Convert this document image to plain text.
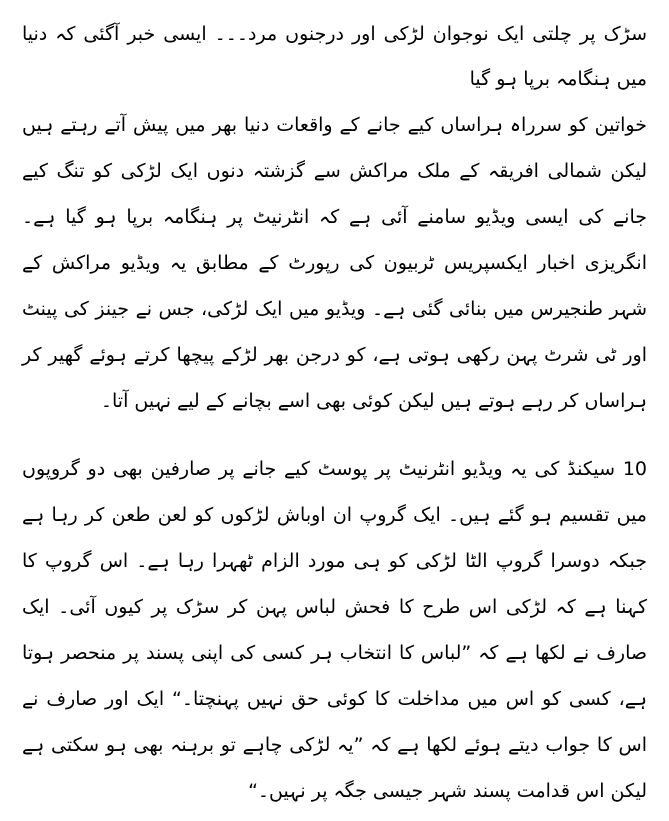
سڑک پر چلتی ایک نوجوان لڑکی اور درجنوں مرد۔۔۔ ایسی خبر آگئی کہ دنیا میں ہنگامہ برپا ہو گیا

خواتین کو سرراہ ہراساں کیے جانے کے واقعات دنیا بھر میں پیش آتے رہتے ہیں لیکن شمالی افریقہ کے ملک مراکش سے گزشتہ دنوں ایک لڑکی کو تنگ کیے جانے کی ایسی ویڈیو سامنے آئی ہے کہ انٹرنیٹ پر ہنگامہ برپا ہو گیا ہے۔ انگریزی اخبار ایکسپریس ٹربیون کی رپورٹ کے مطابق یہ ویڈیو مراکش کے شہر طنجیرس میں بنائی گئی ہے۔ ویڈیو میں ایک لڑکی، جس نے جینز کی پینٹ اور ٹی شرٹ پہن رکھی ہوتی ہے، کو درجن بھر لڑکے پیچھا کرتے ہوئے گھیر کر ہراساں کر رہے ہوتے ہیں لیکن کوئی بھی اسے بچانے کے لیے نہیں آتا۔

10 سیکنڈ کی یہ ویڈیو انٹرنیٹ پر پوسٹ کیے جانے پر صارفین بھی دو گروپوں میں تقسیم ہو گئے ہیں۔ ایک گروپ ان اوباش لڑکوں کو لعن طعن کر رہا ہے جبکہ دوسرا گروپ الٹا لڑکی کو ہی مورد الزام ٹھہرا رہا ہے۔ اس گروپ کا کہنا ہے کہ لڑکی اس طرح کا فحش لباس پہن کر سڑک پر کیوں آئی۔ ایک صارف نے لکھا ہے کہ ”لباس کا انتخاب ہر کسی کی اپنی پسند پر منحصر ہوتا ہے، کسی کو اس میں مداخلت کا کوئی حق نہیں پہنچتا۔“ ایک اور صارف نے اس کا جواب دیتے ہوئے لکھا ہے کہ ”یہ لڑکی چاہے تو برہنہ بھی ہو سکتی ہے لیکن اس قدامت پسند شہر جیسی جگہ پر نہیں۔“
